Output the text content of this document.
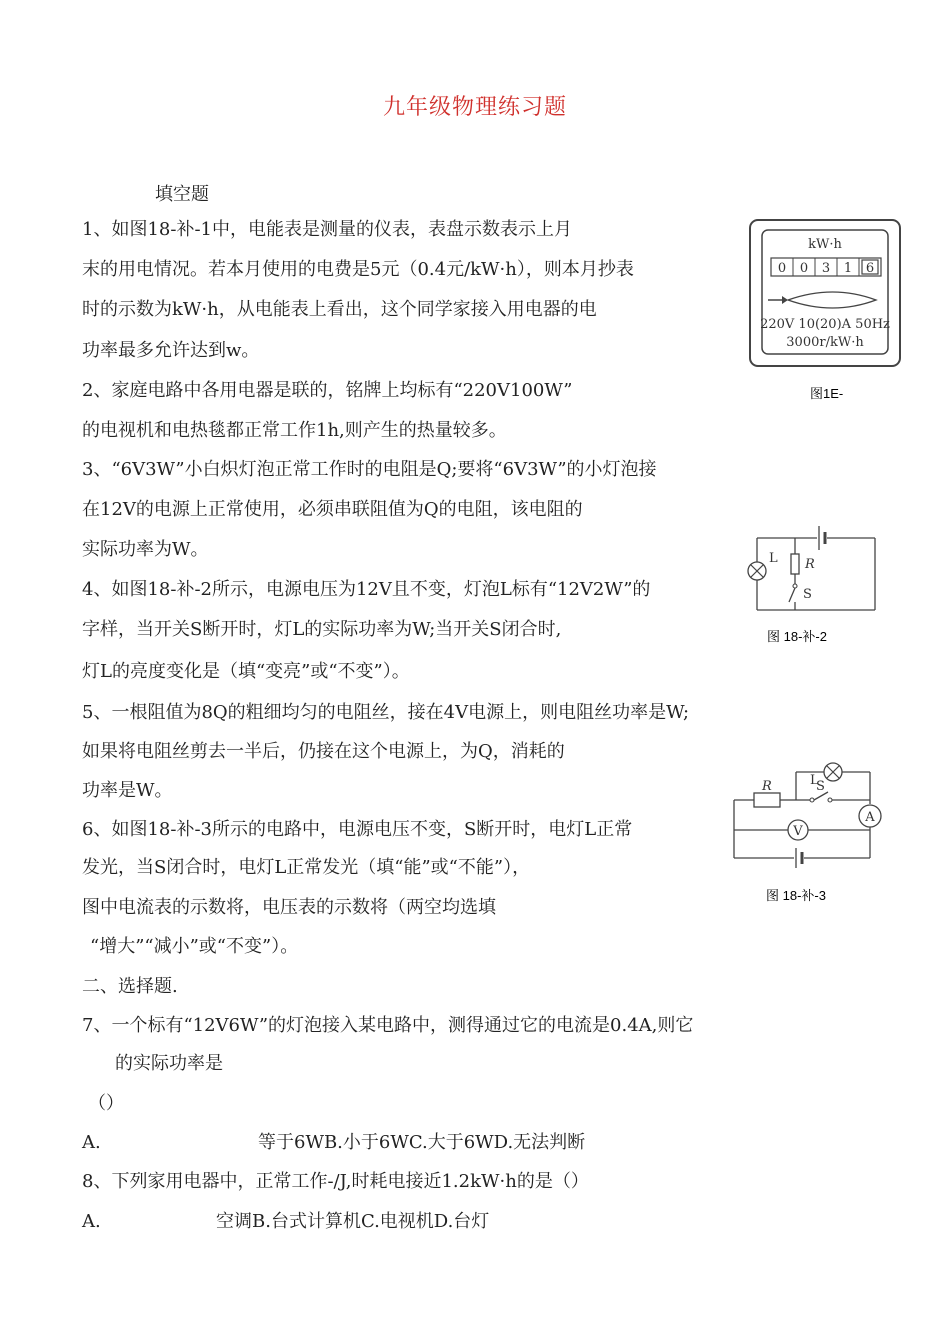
九年级物理练习题
填空题
1、如图18-补-1中，电能表是测量的仪表，表盘示数表示上月
末的用电情况。若本月使用的电费是5元（0.4元/kW·h），则本月抄表
时的示数为kW·h，从电能表上看出，这个同学家接入用电器的电
功率最多允许达到w。
2、家庭电路中各用电器是联的，铭牌上均标有“220V100W”
的电视机和电热毯都正常工作1h,则产生的热量较多。
3、“6V3W”小白炽灯泡正常工作时的电阻是Q;要将“6V3W”的小灯泡接
在12V的电源上正常使用，必须串联阻值为Q的电阻，该电阻的
实际功率为W。
4、如图18-补-2所示，电源电压为12V且不变，灯泡L标有“12V2W”的
字样，当开关S断开时，灯L的实际功率为W;当开关S闭合时,
灯L的亮度变化是（填“变亮”或“不变”）。
5、一根阻值为8Q的粗细均匀的电阻丝，接在4V电源上，则电阻丝功率是W;
如果将电阻丝剪去一半后，仍接在这个电源上，为Q，消耗的
功率是W。
6、如图18-补-3所示的电路中，电源电压不变，S断开时，电灯L正常
发光，当S闭合时，电灯L正常发光（填“能”或“不能”），
图中电流表的示数将，电压表的示数将（两空均选填
“增大”“减小”或“不变”）。
二、选择题.
7、一个标有“12V6W”的灯泡接入某电路中，测得通过它的电流是0.4A,则它
的实际功率是
（）
A.	等于6WB.小于6WC.大于6WD.无法判断
8、下列家用电器中，正常工作-/J,时耗电接近1.2kW·h的是（）
A.	空调B.台式计算机C.电视机D.台灯
kW·h
0 0 3 1 6
220V 10(20)A 50Hz
3000r/kW·h
图1E-
L R
S
图 18-补-2
R	L
S
A
V
图 18-补-3
